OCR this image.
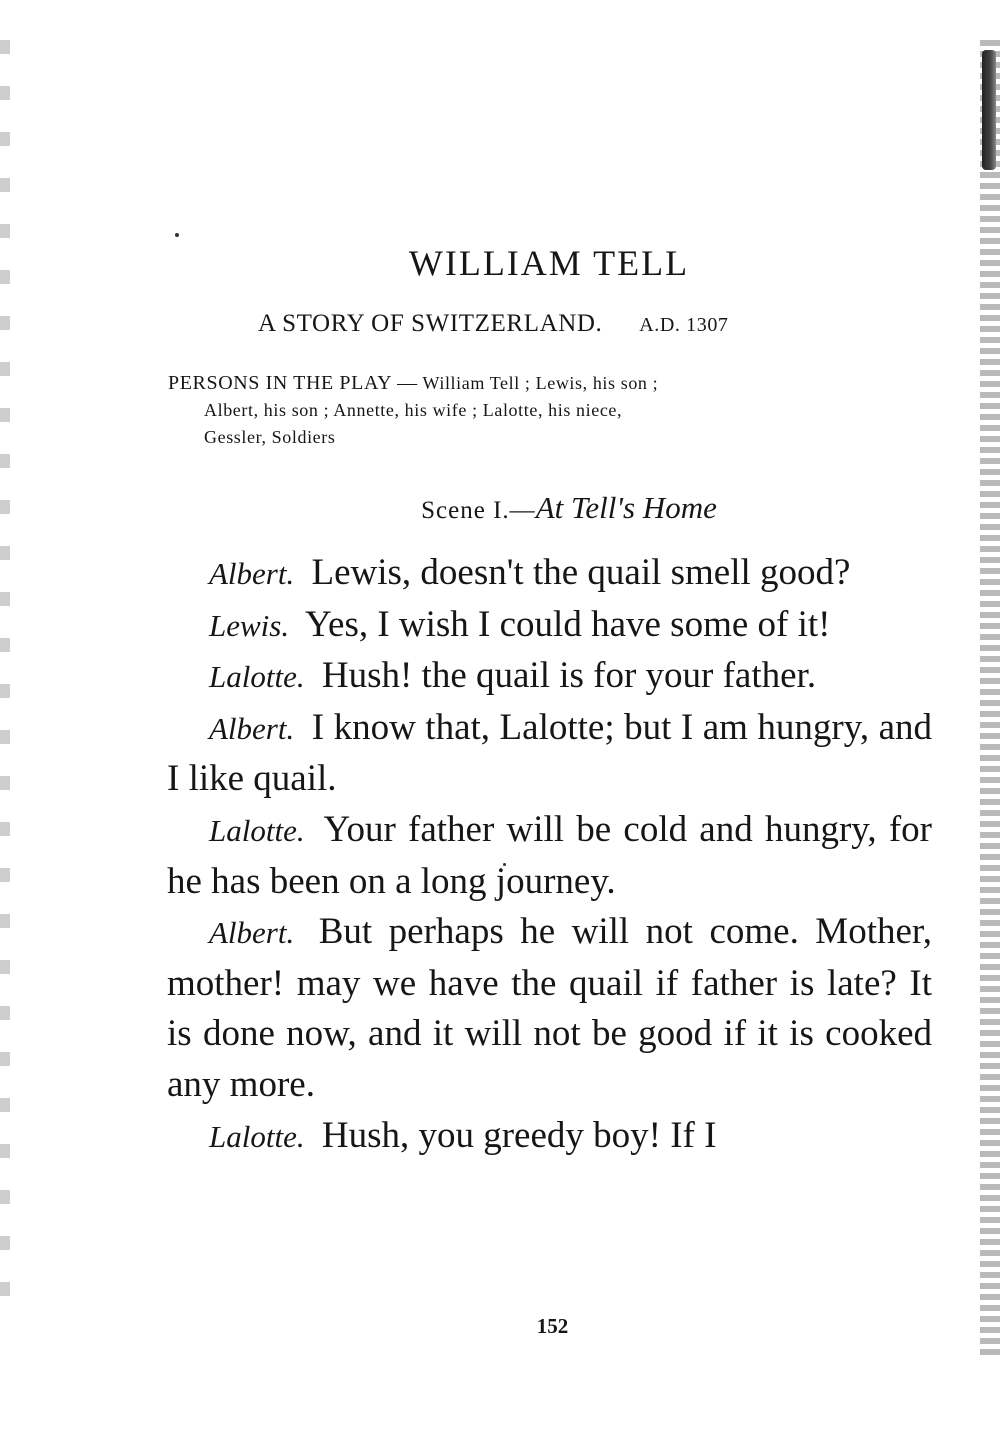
WILLIAM TELL
A STORY OF SWITZERLAND. A.D. 1307
PERSONS IN THE PLAY — William Tell ; Lewis, his son ;
Albert, his son ; Annette, his wife ; Lalotte, his niece,
Gessler, Soldiers
Scene I.—At Tell's Home

Albert. Lewis, doesn't the quail smell good?

Lewis. Yes, I wish I could have some of it!

Lalotte. Hush! the quail is for your father.

Albert. I know that, Lalotte; but I am hungry, and I like quail.

Lalotte. Your father will be cold and hungry, for he has been on a long journey.

Albert. But perhaps he will not come. Mother, mother! may we have the quail if father is late? It is done now, and it will not be good if it is cooked any more.

Lalotte. Hush, you greedy boy! If I

152
